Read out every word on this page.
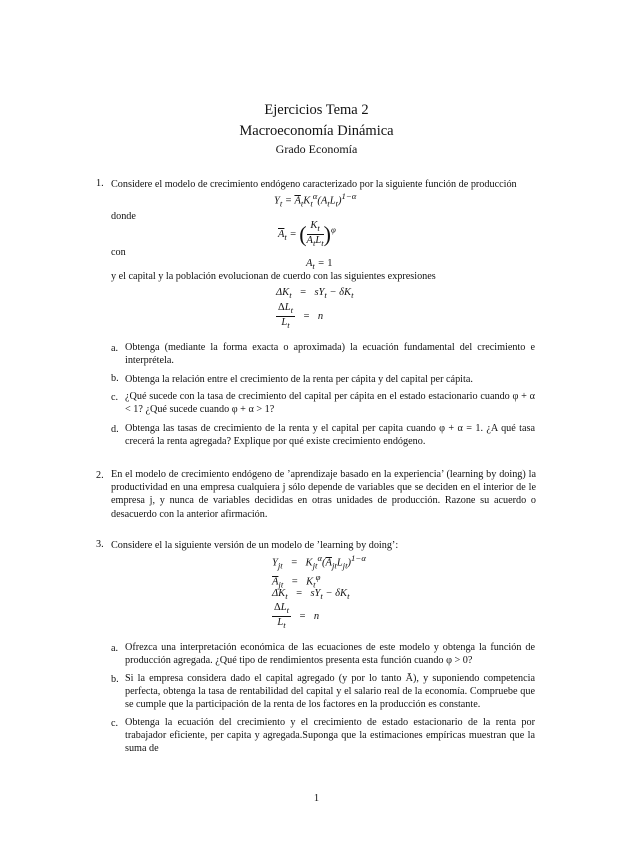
Ejercicios Tema 2
Macroeconomía Dinámica
Grado Economía
1. Considere el modelo de crecimiento endógeno caracterizado por la siguiente función de producción
$Y_t = \overline{A}_tK_t^\alpha(A_tL_t)^{1-\alpha}$
donde
$\overline{A}_t$ = ( $\frac{K_t}{A_tL_t} )^\varphi$
con
$A_t = 1$
y el capital y la población evolucionan de cuerdo con las siguientes expresiones
$\Delta K_t = sY_t - \delta K_t$
$\frac{\Delta L_t}{L_t} = n$
a. Obtenga (mediante la forma exacta o aproximada) la ecuación fundamental del crecimiento e interprétela.
b. Obtenga la relación entre el crecimiento de la renta per cápita y del capital per cápita.
c. ¿Qué sucede con la tasa de crecimiento del capital per cápita en el estado estacionario cuando φ + α < 1? ¿Qué sucede cuando φ + α > 1?
d. Obtenga las tasas de crecimiento de la renta y el capital per capita cuando φ + α = 1. ¿A qué tasa crecerá la renta agregada? Explique por qué existe crecimiento endógeno.
2. En el modelo de crecimiento endógeno de ’aprendizaje basado en la experiencia’ (learning by doing) la productividad en una empresa cualquiera j sólo depende de variables que se deciden en el interior de le empresa j, y nunca de variables decididas en otras unidades de producción. Razone su acuerdo o desacuerdo con la anterior afirmación.
3. Considere el la siguiente versión de un modelo de ’learning by doing’:
$Y_{jt} = K_{jt}^\alpha(\overline{A}_{jt}L_{jt})^{1-\alpha}$
$\overline{A}_{jt} = K_t^\varphi$
$\Delta K_t = sY_t - \delta K_t$
$\frac{\Delta L_t}{L_t} = n$
a. Ofrezca una interpretación económica de las ecuaciones de este modelo y obtenga la función de producción agregada. ¿Qué tipo de rendimientos presenta esta función cuando φ > 0?
b. Si la empresa considera dado el capital agregado (y por lo tanto Ā), y suponiendo competencia perfecta, obtenga la tasa de rentabilidad del capital y el salario real de la economía. Compruebe que se cumple que la participación de la renta de los factores en la producción es constante.
c. Obtenga la ecuación del crecimiento y el crecimiento de estado estacionario de la renta por trabajador eficiente, per capita y agregada.Suponga que la estimaciones empíricas muestran que la suma de
1
